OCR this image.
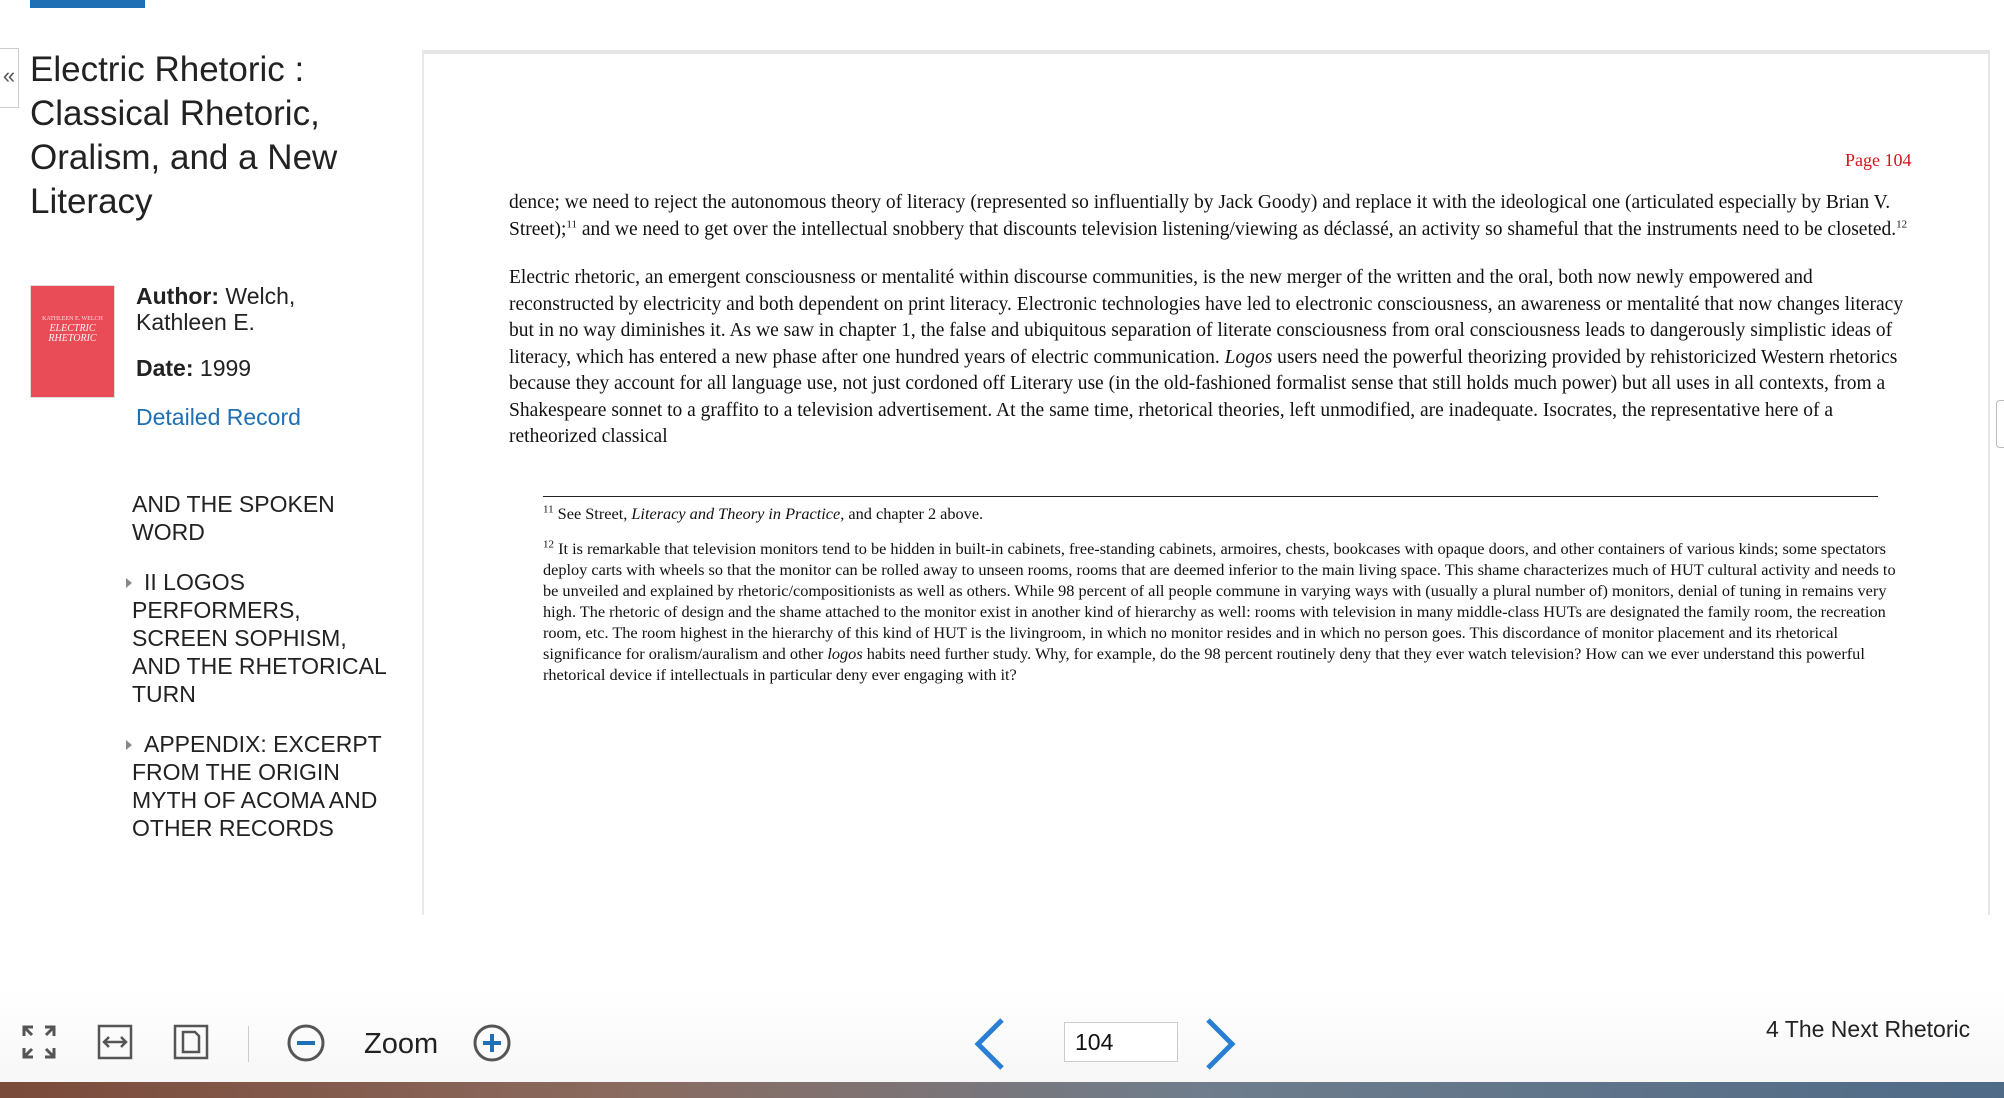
« Electric Rhetoric : Classical Rhetoric, Oralism, and a New Literacy
KATHLEEN E. WELCH
ELECTRIC
RHETORIC
Author: Welch, Kathleen E.
Date: 1999
Detailed Record
AND THE SPOKEN WORD
II LOGOS PERFORMERS, SCREEN SOPHISM, AND THE RHETORICAL TURN
APPENDIX: EXCERPT FROM THE ORIGIN MYTH OF ACOMA AND OTHER RECORDS
Page 104

dence; we need to reject the autonomous theory of literacy (represented so influentially by Jack Goody) and replace it with the ideological one (articulated especially by Brian V. Street);$^{11}$ and we need to get over the intellectual snobbery that discounts television listening/viewing as déclassé, an activity so shameful that the instruments need to be closeted.$^{12}$

Electric rhetoric, an emergent consciousness or mentalité within discourse communities, is the new merger of the written and the oral, both now newly empowered and reconstructed by electricity and both dependent on print literacy. Electronic technologies have led to electronic consciousness, an awareness or mentalité that now changes literacy but in no way diminishes it. As we saw in chapter 1, the false and ubiquitous separation of literate consciousness from oral consciousness leads to dangerously simplistic ideas of literacy, which has entered a new phase after one hundred years of electric communication. Logos users need the powerful theorizing provided by rehistoricized Western rhetorics because they account for all language use, not just cordoned off Literary use (in the old-fashioned formalist sense that still holds much power) but all uses in all contexts, from a Shakespeare sonnet to a graffito to a television advertisement. At the same time, rhetorical theories, left unmodified, are inadequate. Isocrates, the representative here of a retheorized classical

$^{11}$ See Street, Literacy and Theory in Practice, and chapter 2 above.
$^{12}$ It is remarkable that television monitors tend to be hidden in built-in cabinets, free-standing cabinets, armoires, chests, bookcases with opaque doors, and other containers of various kinds; some spectators deploy carts with wheels so that the monitor can be rolled away to unseen rooms, rooms that are deemed inferior to the main living space. This shame characterizes much of HUT cultural activity and needs to be unveiled and explained by rhetoric/compositionists as well as others. While 98 percent of all people commune in varying ways with (usually a plural number of) monitors, denial of tuning in remains very high. The rhetoric of design and the shame attached to the monitor exist in another kind of hierarchy as well: rooms with television in many middle-class HUTs are designated the family room, the recreation room, etc. The room highest in the hierarchy of this kind of HUT is the livingroom, in which no monitor resides and in which no person goes. This discordance of monitor placement and its rhetorical significance for oralism/auralism and other logos habits need further study. Why, for example, do the 98 percent routinely deny that they ever watch television? How can we ever understand this powerful rhetorical device if intellectuals in particular deny ever engaging with it?
Zoom
104	4 The Next Rhetoric
